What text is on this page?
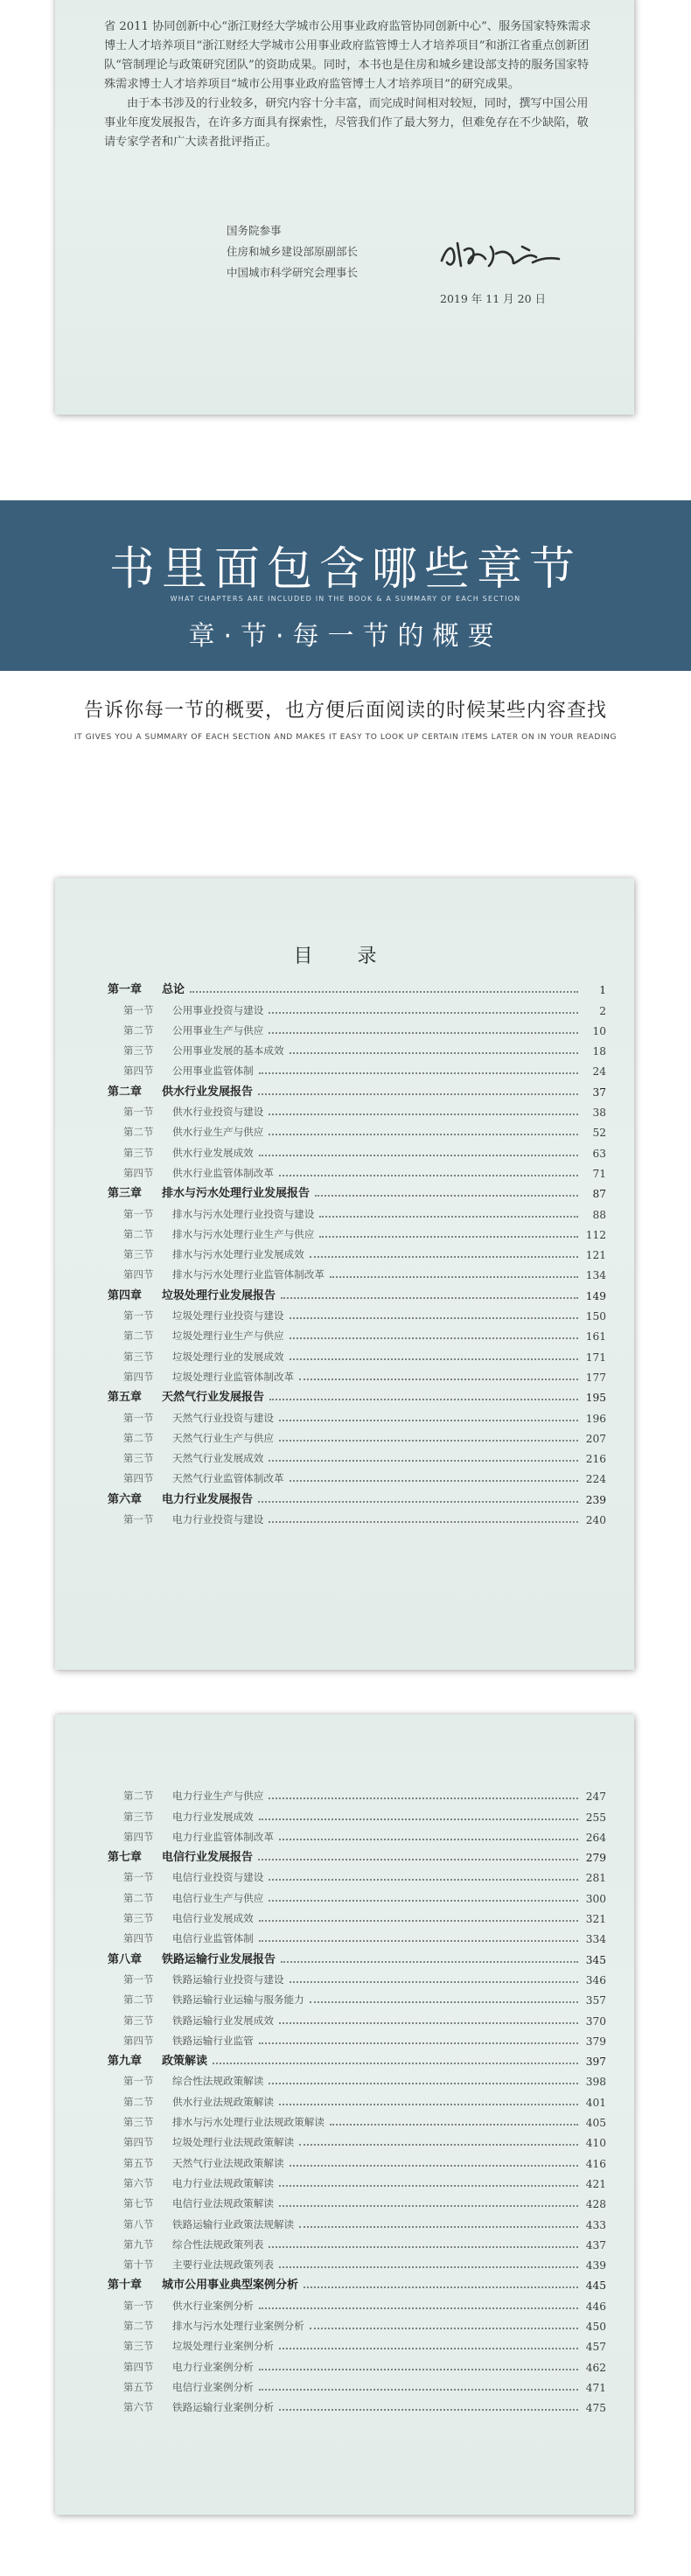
省 2011 协同创新中心“浙江财经大学城市公用事业政府监管协同创新中心”、服务国家特殊需求博士人才培养项目“浙江财经大学城市公用事业政府监管博士人才培养项目”和浙江省重点创新团队“管制理论与政策研究团队”的资助成果。同时，本书也是住房和城乡建设部支持的服务国家特殊需求博士人才培养项目“城市公用事业政府监管博士人才培养项目”的研究成果。

由于本书涉及的行业较多，研究内容十分丰富，而完成时间相对较短，同时，撰写中国公用事业年度发展报告，在许多方面具有探索性，尽管我们作了最大努力，但难免存在不少缺陷，敬请专家学者和广大读者批评指正。

国务院参事
住房和城乡建设部原副部长
中国城市科学研究会理事长
2019 年 11 月 20 日
书里面包含哪些章节
WHAT CHAPTERS ARE INCLUDED IN THE BOOK & A SUMMARY OF EACH SECTION
章·节·每一节的概要
告诉你每一节的概要，也方便后面阅读的时候某些内容查找
IT GIVES YOU A SUMMARY OF EACH SECTION AND MAKES IT EASY TO LOOK UP CERTAIN ITEMS LATER ON IN YOUR READING
目 录
第一章	总论	1
第一节	公用事业投资与建设	2
第二节	公用事业生产与供应	10
第三节	公用事业发展的基本成效	18
第四节	公用事业监管体制	24
第二章	供水行业发展报告	37
第一节	供水行业投资与建设	38
第二节	供水行业生产与供应	52
第三节	供水行业发展成效	63
第四节	供水行业监管体制改革	71
第三章	排水与污水处理行业发展报告	87
第一节	排水与污水处理行业投资与建设	88
第二节	排水与污水处理行业生产与供应	112
第三节	排水与污水处理行业发展成效	121
第四节	排水与污水处理行业监管体制改革	134
第四章	垃圾处理行业发展报告	149
第一节	垃圾处理行业投资与建设	150
第二节	垃圾处理行业生产与供应	161
第三节	垃圾处理行业的发展成效	171
第四节	垃圾处理行业监管体制改革	177
第五章	天然气行业发展报告	195
第一节	天然气行业投资与建设	196
第二节	天然气行业生产与供应	207
第三节	天然气行业发展成效	216
第四节	天然气行业监管体制改革	224
第六章	电力行业发展报告	239
第一节	电力行业投资与建设	240
第二节	电力行业生产与供应	247
第三节	电力行业发展成效	255
第四节	电力行业监管体制改革	264
第七章	电信行业发展报告	279
第一节	电信行业投资与建设	281
第二节	电信行业生产与供应	300
第三节	电信行业发展成效	321
第四节	电信行业监管体制	334
第八章	铁路运输行业发展报告	345
第一节	铁路运输行业投资与建设	346
第二节	铁路运输行业运输与服务能力	357
第三节	铁路运输行业发展成效	370
第四节	铁路运输行业监管	379
第九章	政策解读	397
第一节	综合性法规政策解读	398
第二节	供水行业法规政策解读	401
第三节	排水与污水处理行业法规政策解读	405
第四节	垃圾处理行业法规政策解读	410
第五节	天然气行业法规政策解读	416
第六节	电力行业法规政策解读	421
第七节	电信行业法规政策解读	428
第八节	铁路运输行业政策法规解读	433
第九节	综合性法规政策列表	437
第十节	主要行业法规政策列表	439
第十章	城市公用事业典型案例分析	445
第一节	供水行业案例分析	446
第二节	排水与污水处理行业案例分析	450
第三节	垃圾处理行业案例分析	457
第四节	电力行业案例分析	462
第五节	电信行业案例分析	471
第六节	铁路运输行业案例分析	475
